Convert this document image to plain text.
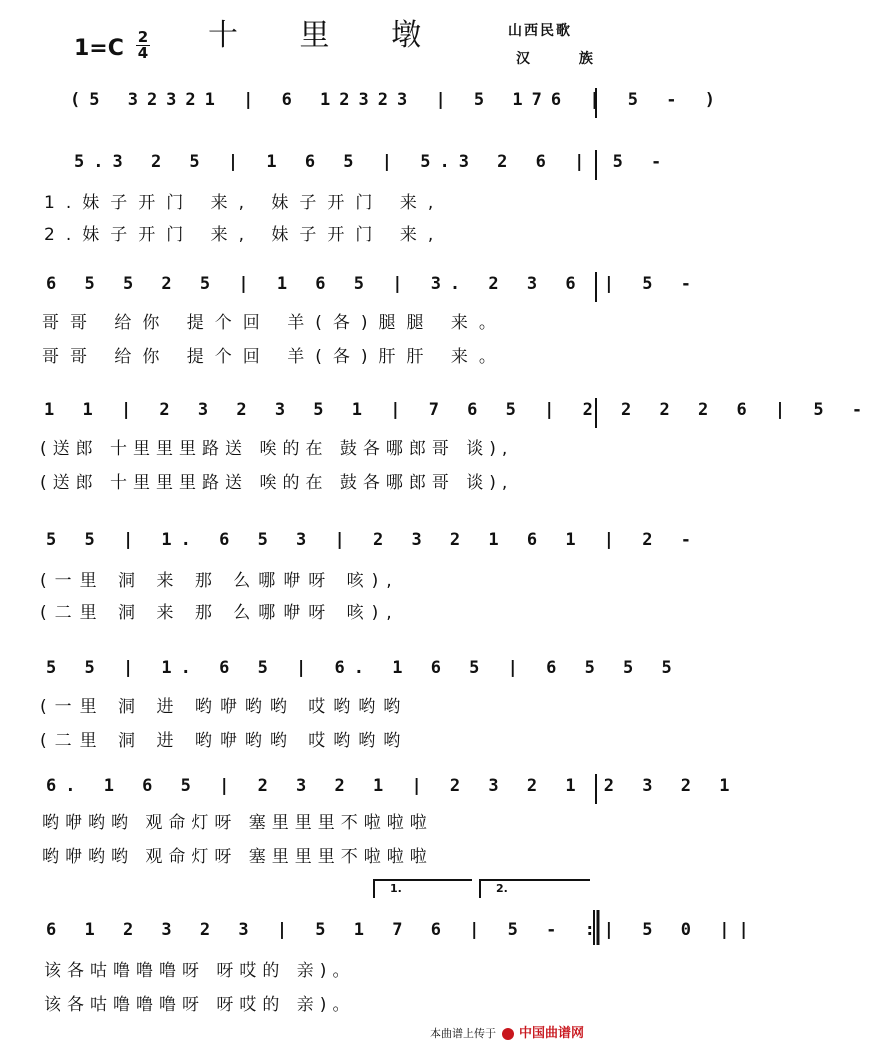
十 里 墩
$1=C \frac{2}{4}$	山西民歌
汉 族
(5 32321 | 6 12323 | 5 176 | 5 - )
5.3 2 5 | 1 6 5 | 5.3 2 6 | 5 -
1.妹子开门 来, 妹子开门 来,
2.妹子开门 来, 妹子开门 来,
6 5 5 2 5 | 1 6 5 | 3. 2 3 6 | 5 -
哥哥 给你 提个回 羊(各)腿腿 来。
哥哥 给你 提个回 羊(各)肝肝 来。
1 1 | 2 3 2 3 5 1 | 7 6 5 | 2 2 2 2 6 | 5 -
(送郎 十里里里路送 唉的在 鼓各哪郎哥 谈),
(送郎 十里里里路送 唉的在 鼓各哪郎哥 谈),
5 5 | 1. 6 5 3 | 2 3 2 1 6 1 | 2 -
(一里 洞 来 那 么哪咿呀 咳),
(二里 洞 来 那 么哪咿呀 咳),
5 5 | 1. 6 5 | 6. 1 6 5 | 6 5 5 5
(一里 洞 进 哟咿哟哟 哎哟哟哟
(二里 洞 进 哟咿哟哟 哎哟哟哟
6. 1 6 5 | 2 3 2 1 | 2 3 2 1 2 3 2 1
哟咿哟哟 观命灯呀 塞里里里不啦啦啦
哟咿哟哟 观命灯呀 塞里里里不啦啦啦
1.	2.
6 1 2 3 2 3 | 5 1 7 6 | 5 - :| 5 0 ||
该各咕噜噜噜呀 呀哎的 亲)。
该各咕噜噜噜呀 呀哎的 亲)。
本曲谱上传于 中国曲谱网
